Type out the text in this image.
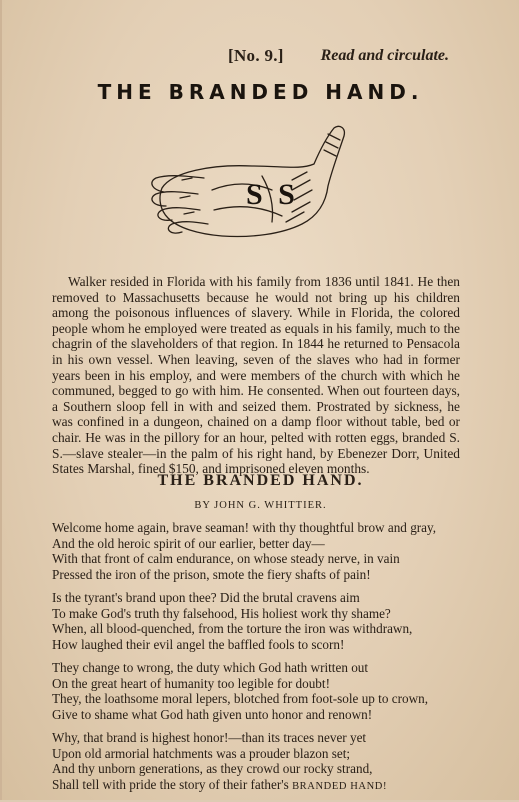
[No. 9.] Read and circulate.
THE BRANDED HAND.
S S

Walker resided in Florida with his family from 1836 until 1841. He then removed to Massachusetts because he would not bring up his children among the poisonous influences of slavery. While in Florida, the colored people whom he employed were treated as equals in his family, much to the chagrin of the slaveholders of that region. In 1844 he returned to Pensacola in his own vessel. When leaving, seven of the slaves who had in former years been in his employ, and were members of the church with which he communed, begged to go with him. He consented. When out fourteen days, a Southern sloop fell in with and seized them. Prostrated by sickness, he was confined in a dungeon, chained on a damp floor without table, bed or chair. He was in the pillory for an hour, pelted with rotten eggs, branded S. S.—slave stealer—in the palm of his right hand, by Ebenezer Dorr, United States Marshal, fined $150, and imprisoned eleven months.

THE BRANDED HAND.
BY JOHN G. WHITTIER.
Welcome home again, brave seaman! with thy thoughtful brow and gray,
And the old heroic spirit of our earlier, better day—
With that front of calm endurance, on whose steady nerve, in vain
Pressed the iron of the prison, smote the fiery shafts of pain!
Is the tyrant's brand upon thee? Did the brutal cravens aim
To make God's truth thy falsehood, His holiest work thy shame?
When, all blood-quenched, from the torture the iron was withdrawn,
How laughed their evil angel the baffled fools to scorn!
They change to wrong, the duty which God hath written out
On the great heart of humanity too legible for doubt!
They, the loathsome moral lepers, blotched from foot-sole up to crown,
Give to shame what God hath given unto honor and renown!
Why, that brand is highest honor!—than its traces never yet
Upon old armorial hatchments was a prouder blazon set;
And thy unborn generations, as they crowd our rocky strand,
Shall tell with pride the story of their father's BRANDED HAND!
